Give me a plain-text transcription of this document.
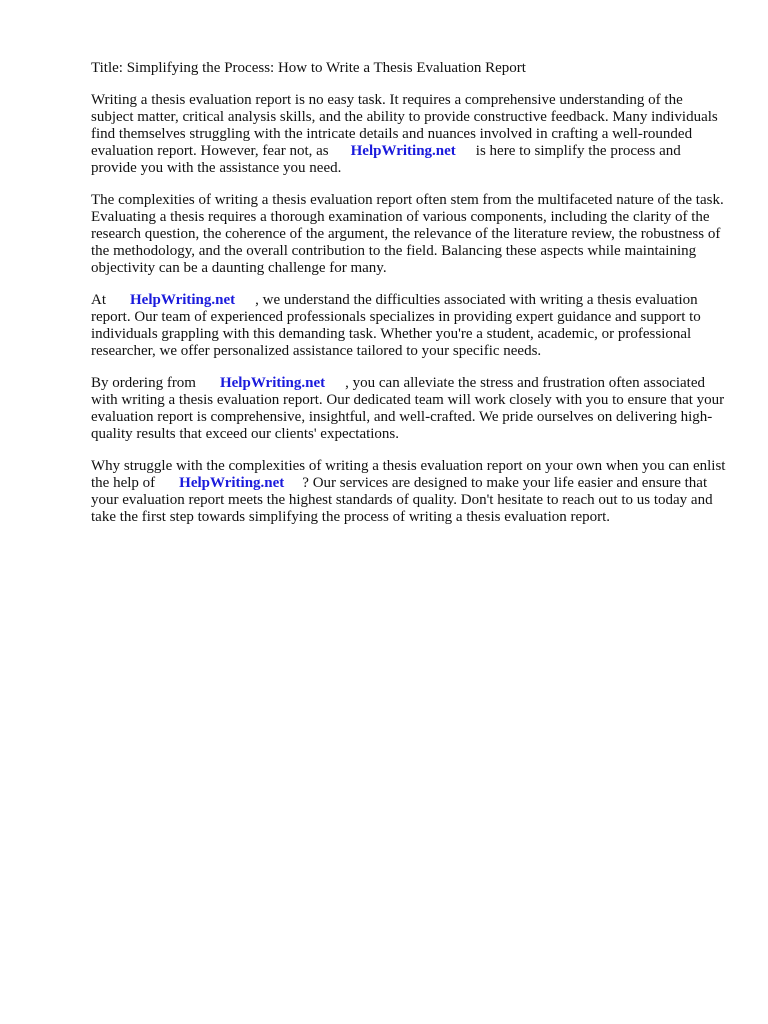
Title: Simplifying the Process: How to Write a Thesis Evaluation Report

Writing a thesis evaluation report is no easy task. It requires a comprehensive understanding of the subject matter, critical analysis skills, and the ability to provide constructive feedback. Many individuals find themselves struggling with the intricate details and nuances involved in crafting a well-rounded evaluation report. However, fear not, as HelpWriting.net is here to simplify the process and provide you with the assistance you need.

The complexities of writing a thesis evaluation report often stem from the multifaceted nature of the task. Evaluating a thesis requires a thorough examination of various components, including the clarity of the research question, the coherence of the argument, the relevance of the literature review, the robustness of the methodology, and the overall contribution to the field. Balancing these aspects while maintaining objectivity can be a daunting challenge for many.

At HelpWriting.net , we understand the difficulties associated with writing a thesis evaluation report. Our team of experienced professionals specializes in providing expert guidance and support to individuals grappling with this demanding task. Whether you're a student, academic, or professional researcher, we offer personalized assistance tailored to your specific needs.

By ordering from HelpWriting.net , you can alleviate the stress and frustration often associated with writing a thesis evaluation report. Our dedicated team will work closely with you to ensure that your evaluation report is comprehensive, insightful, and well-crafted. We pride ourselves on delivering high-quality results that exceed our clients' expectations.

Why struggle with the complexities of writing a thesis evaluation report on your own when you can enlist the help of HelpWriting.net ? Our services are designed to make your life easier and ensure that your evaluation report meets the highest standards of quality. Don't hesitate to reach out to us today and take the first step towards simplifying the process of writing a thesis evaluation report.
